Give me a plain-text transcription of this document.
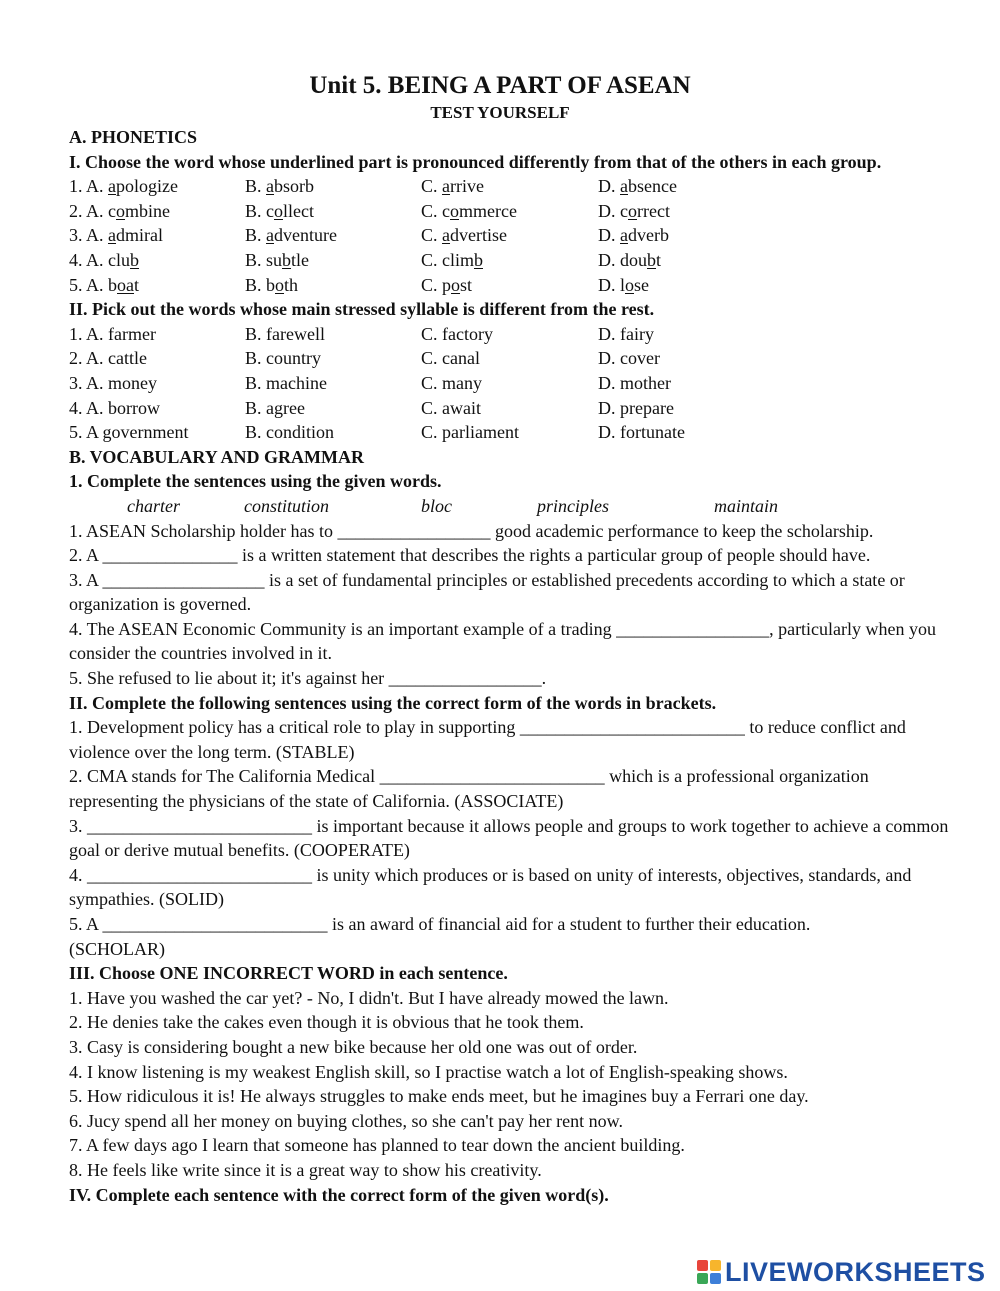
Unit 5. BEING A PART OF ASEAN
TEST YOURSELF
A. PHONETICS
I. Choose the word whose underlined part is pronounced differently from that of the others in each group.
1. A. apologize	B. absorb	C. arrive	D. absence
2. A. combine	B. collect	C. commerce	D. correct
3. A. admiral	B. adventure	C. advertise	D. adverb
4. A. club	B. subtle	C. climb	D. doubt
5. A. boat	B. both	C. post	D. lose
II. Pick out the words whose main stressed syllable is different from the rest.
1. A. farmer	B. farewell	C. factory	D. fairy
2. A. cattle	B. country	C. canal	D. cover
3. A. money	B. machine	C. many	D. mother
4. A. borrow	B. agree	C. await	D. prepare
5. A government	B. condition	C. parliament	D. fortunate
B. VOCABULARY AND GRAMMAR
1. Complete the sentences using the given words.
charter	constitution	bloc	principles	maintain
1. ASEAN Scholarship holder has to _________________ good academic performance to keep the scholarship.
2. A _______________ is a written statement that describes the rights a particular group of people should have.
3. A __________________ is a set of fundamental principles or established precedents according to which a state or organization is governed.
4. The ASEAN Economic Community is an important example of a trading _________________, particularly when you consider the countries involved in it.
5. She refused to lie about it; it's against her _________________.
II. Complete the following sentences using the correct form of the words in brackets.
1. Development policy has a critical role to play in supporting _________________________ to reduce conflict and violence over the long term. (STABLE)
2. CMA stands for The California Medical _________________________ which is a professional organization representing the physicians of the state of California. (ASSOCIATE)
3. _________________________ is important because it allows people and groups to work together to achieve a common goal or derive mutual benefits. (COOPERATE)
4. _________________________ is unity which produces or is based on unity of interests, objectives, standards, and sympathies. (SOLID)
5. A _________________________ is an award of financial aid for a student to further their education. (SCHOLAR)
III. Choose ONE INCORRECT WORD in each sentence.
1. Have you washed the car yet? - No, I didn't. But I have already mowed the lawn.
2. He denies take the cakes even though it is obvious that he took them.
3. Casy is considering bought a new bike because her old one was out of order.
4. I know listening is my weakest English skill, so I practise watch a lot of English-speaking shows.
5. How ridiculous it is! He always struggles to make ends meet, but he imagines buy a Ferrari one day.
6. Jucy spend all her money on buying clothes, so she can't pay her rent now.
7. A few days ago I learn that someone has planned to tear down the ancient building.
8. He feels like write since it is a great way to show his creativity.
IV. Complete each sentence with the correct form of the given word(s).
LIVEWORKSHEETS
